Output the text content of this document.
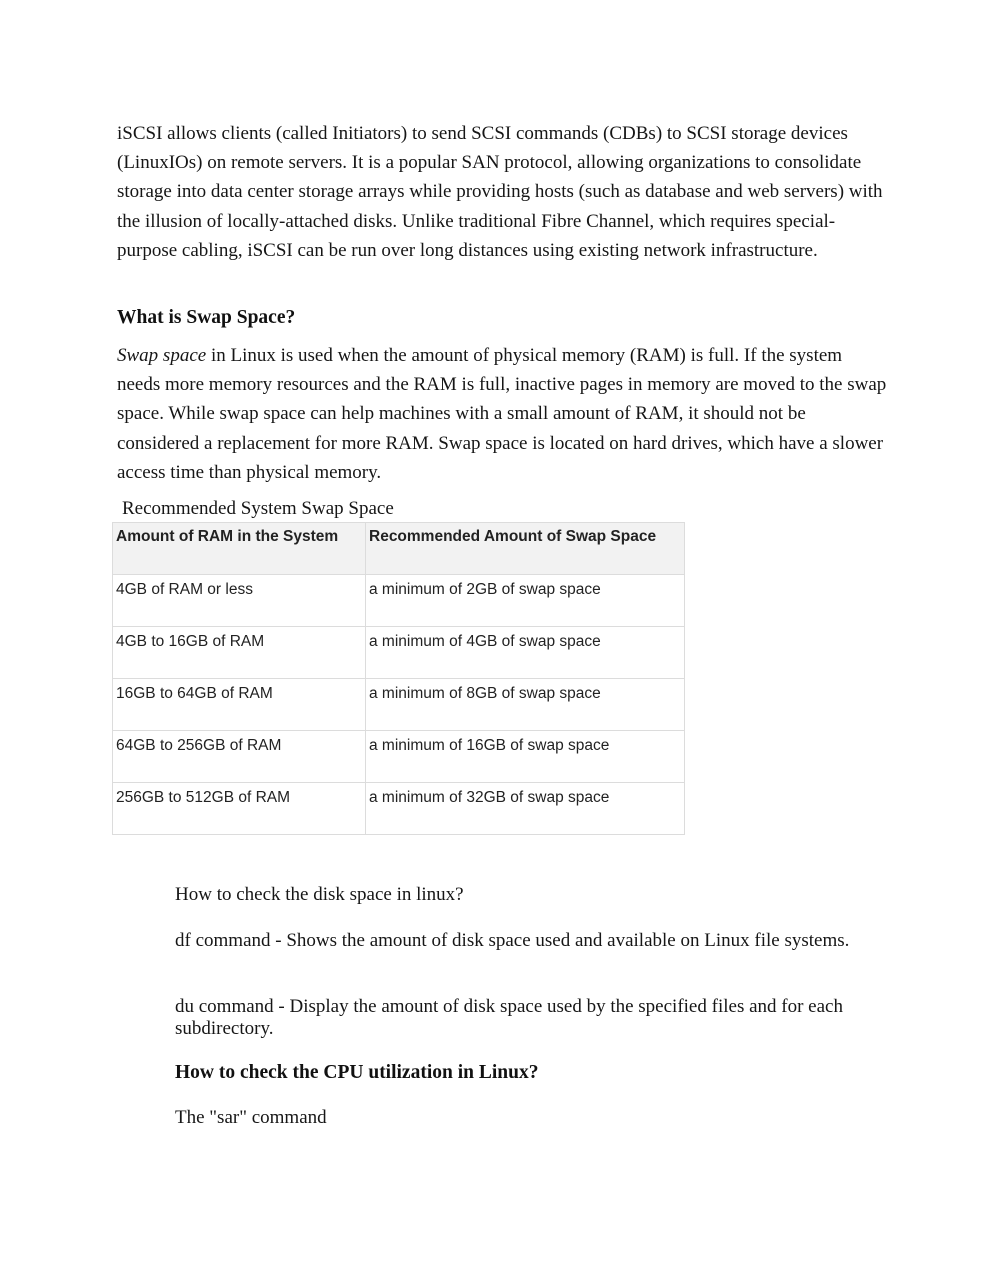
iSCSI allows clients (called Initiators) to send SCSI commands (CDBs) to SCSI storage devices (LinuxIOs) on remote servers. It is a popular SAN protocol, allowing organizations to consolidate storage into data center storage arrays while providing hosts (such as database and web servers) with the illusion of locally-attached disks. Unlike traditional Fibre Channel, which requires special-purpose cabling, iSCSI can be run over long distances using existing network infrastructure.

What is Swap Space?

Swap space in Linux is used when the amount of physical memory (RAM) is full. If the system needs more memory resources and the RAM is full, inactive pages in memory are moved to the swap space. While swap space can help machines with a small amount of RAM, it should not be considered a replacement for more RAM. Swap space is located on hard drives, which have a slower access time than physical memory.

Recommended System Swap Space

Amount of RAM in the System	Recommended Amount of Swap Space
4GB of RAM or less	a minimum of 2GB of swap space
4GB to 16GB of RAM	a minimum of 4GB of swap space
16GB to 64GB of RAM	a minimum of 8GB of swap space
64GB to 256GB of RAM	a minimum of 16GB of swap space
256GB to 512GB of RAM	a minimum of 32GB of swap space

How to check the disk space in linux?

df command - Shows the amount of disk space used and available on Linux file systems.

du command - Display the amount of disk space used by the specified files and for each subdirectory.

How to check the CPU utilization in Linux?

The "sar" command
